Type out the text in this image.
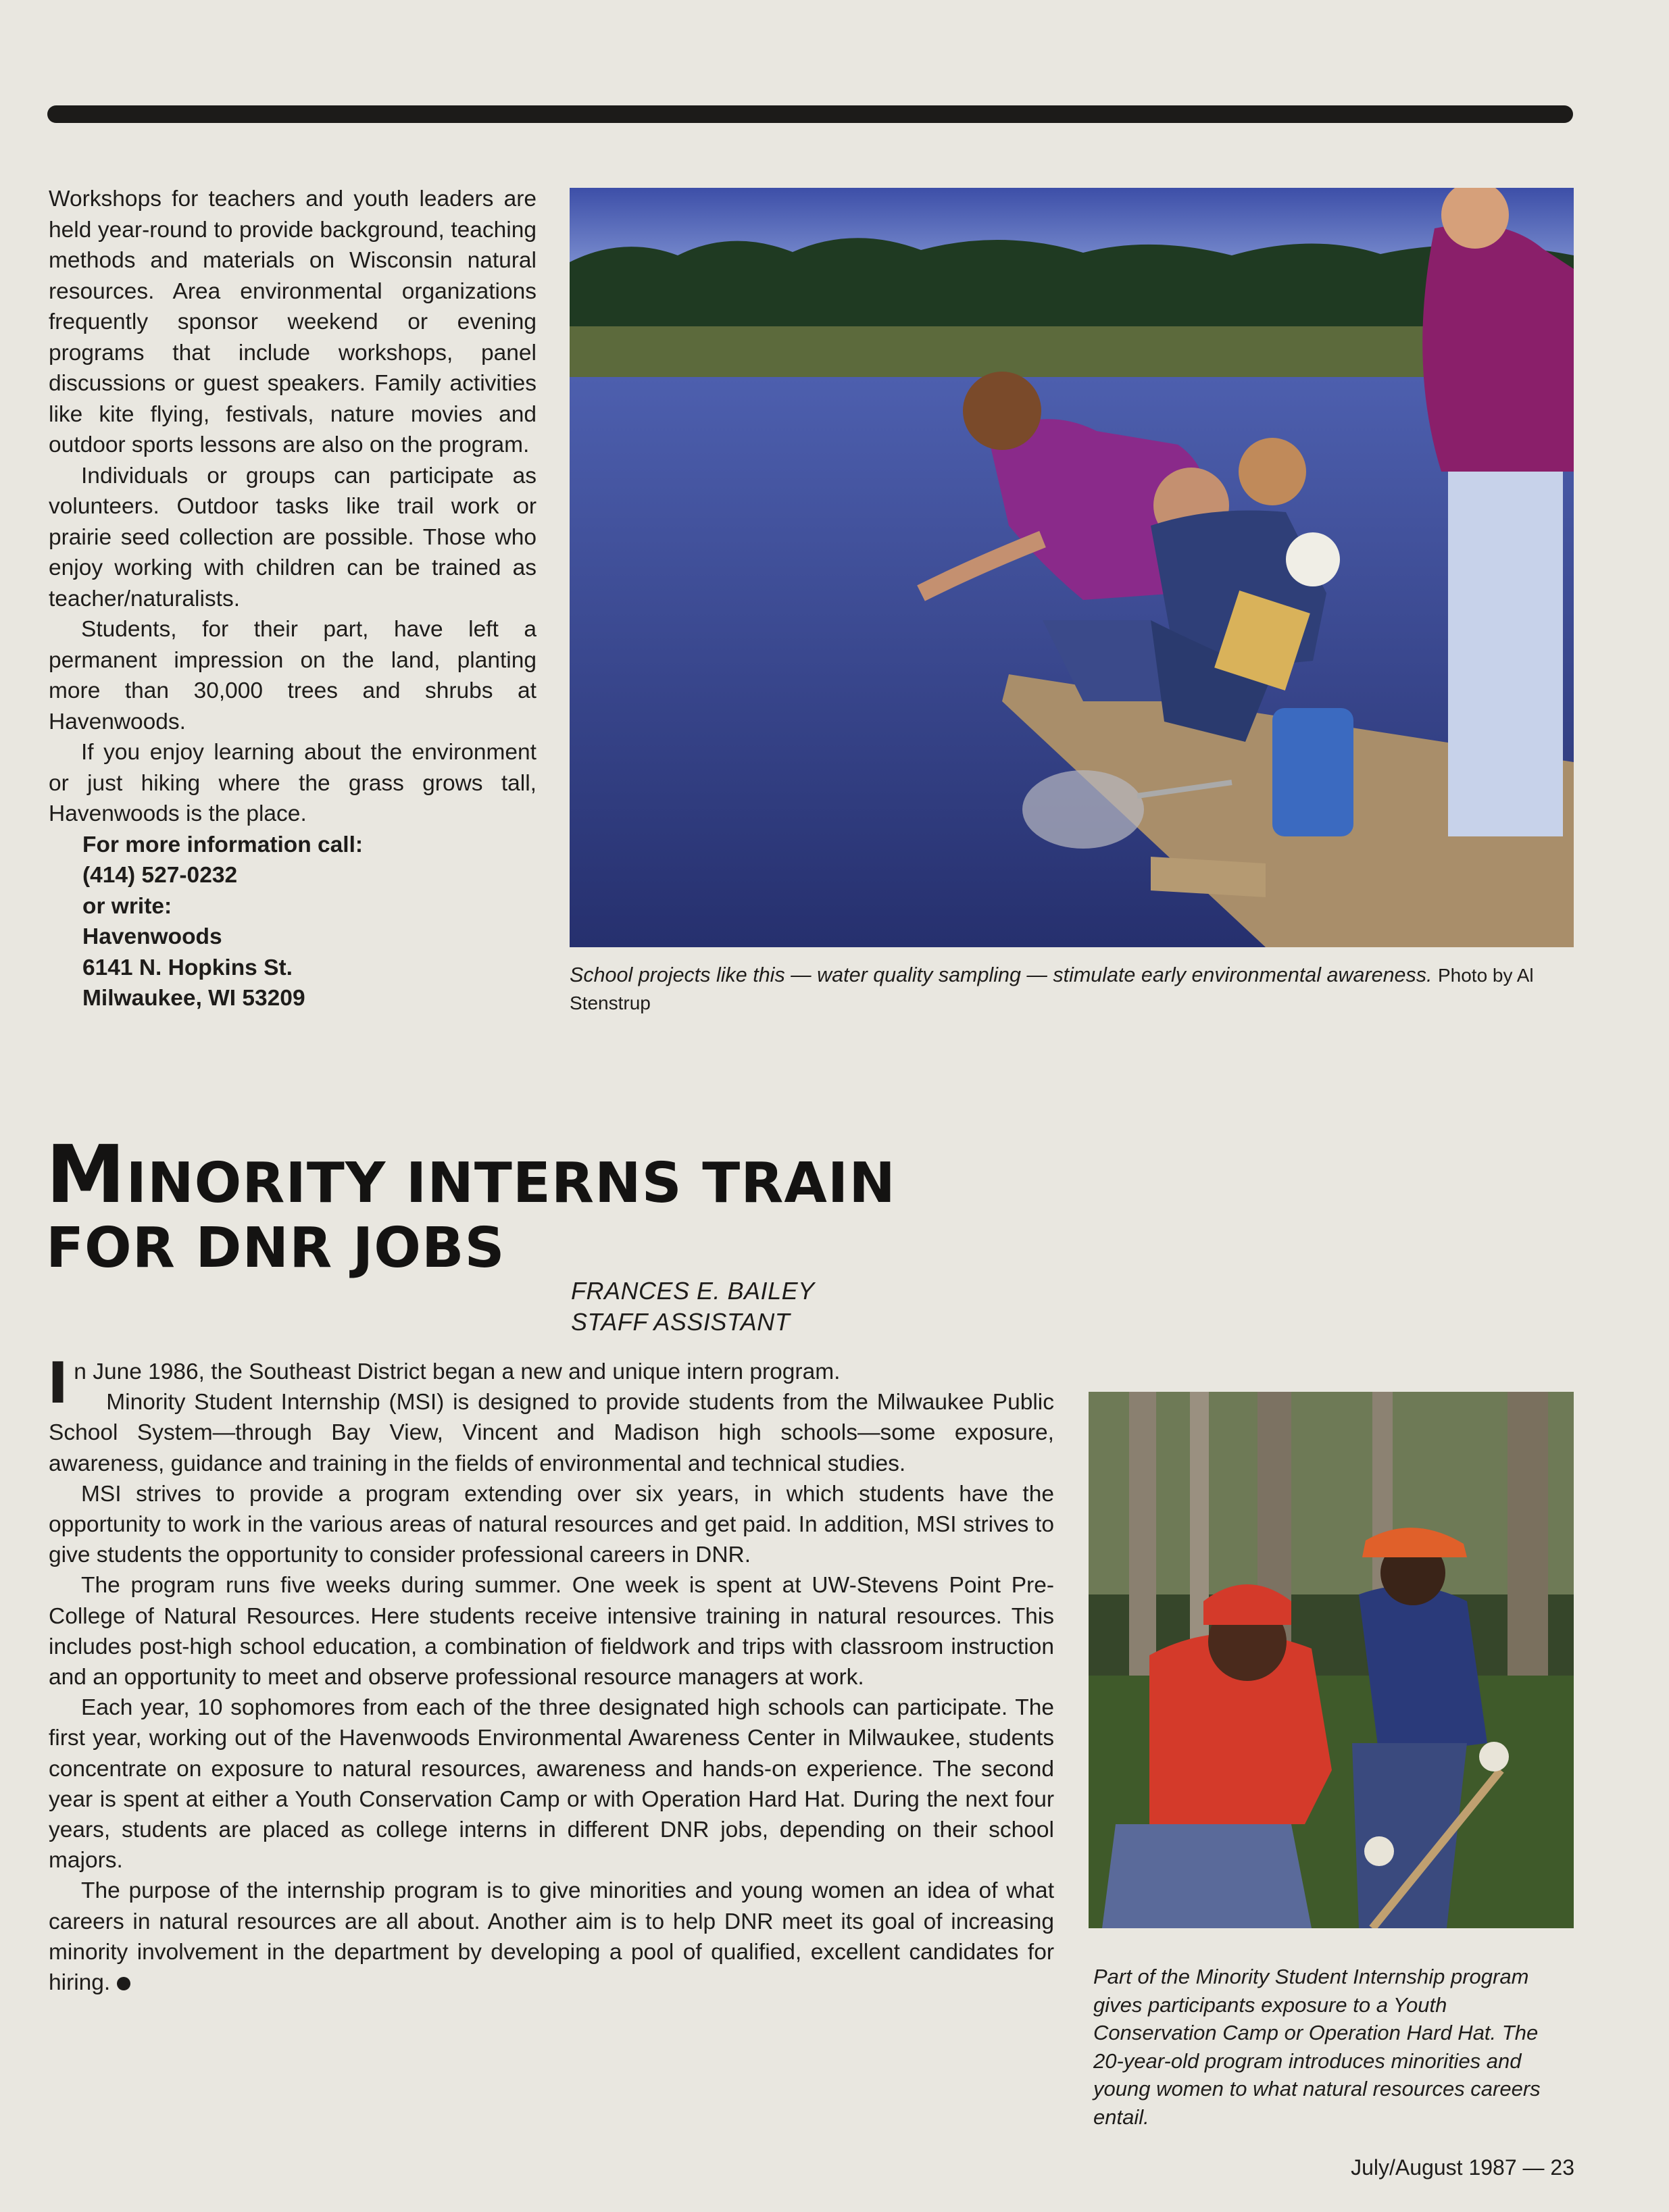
Workshops for teachers and youth leaders are held year-round to provide background, teaching methods and materials on Wisconsin natural resources. Area environmental organizations frequently sponsor weekend or evening programs that include workshops, panel discussions or guest speakers. Family activities like kite flying, festivals, nature movies and outdoor sports lessons are also on the program.

Individuals or groups can participate as volunteers. Outdoor tasks like trail work or prairie seed collection are possible. Those who enjoy working with children can be trained as teacher/naturalists.

Students, for their part, have left a permanent impression on the land, planting more than 30,000 trees and shrubs at Havenwoods.

If you enjoy learning about the environment or just hiking where the grass grows tall, Havenwoods is the place.

For more information call:
(414) 527-0232
or write:
Havenwoods
6141 N. Hopkins St.
Milwaukee, WI 53209
School projects like this — water quality sampling — stimulate early environmental awareness. Photo by Al Stenstrup
MINORITY INTERNS TRAIN
FOR DNR JOBS
FRANCES E. BAILEY
STAFF ASSISTANT

In June 1986, the Southeast District began a new and unique intern program.

Minority Student Internship (MSI) is designed to provide students from the Milwaukee Public School System—through Bay View, Vincent and Madison high schools—some exposure, awareness, guidance and training in the fields of environmental and technical studies.

MSI strives to provide a program extending over six years, in which students have the opportunity to work in the various areas of natural resources and get paid. In addition, MSI strives to give students the opportunity to consider professional careers in DNR.

The program runs five weeks during summer. One week is spent at UW-Stevens Point Pre-College of Natural Resources. Here students receive intensive training in natural resources. This includes post-high school education, a combination of fieldwork and trips with classroom instruction and an opportunity to meet and observe professional resource managers at work.

Each year, 10 sophomores from each of the three designated high schools can participate. The first year, working out of the Havenwoods Environmental Awareness Center in Milwaukee, students concentrate on exposure to natural resources, awareness and hands-on experience. The second year is spent at either a Youth Conservation Camp or with Operation Hard Hat. During the next four years, students are placed as college interns in different DNR jobs, depending on their school majors.

The purpose of the internship program is to give minorities and young women an idea of what careers in natural resources are all about. Another aim is to help DNR meet its goal of increasing minority involvement in the department by developing a pool of qualified, excellent candidates for hiring.	Part of the Minority Student Internship program gives participants exposure to a Youth Conservation Camp or Operation Hard Hat. The 20-year-old program introduces minorities and young women to what natural resources careers entail.
July/August 1987 — 23
